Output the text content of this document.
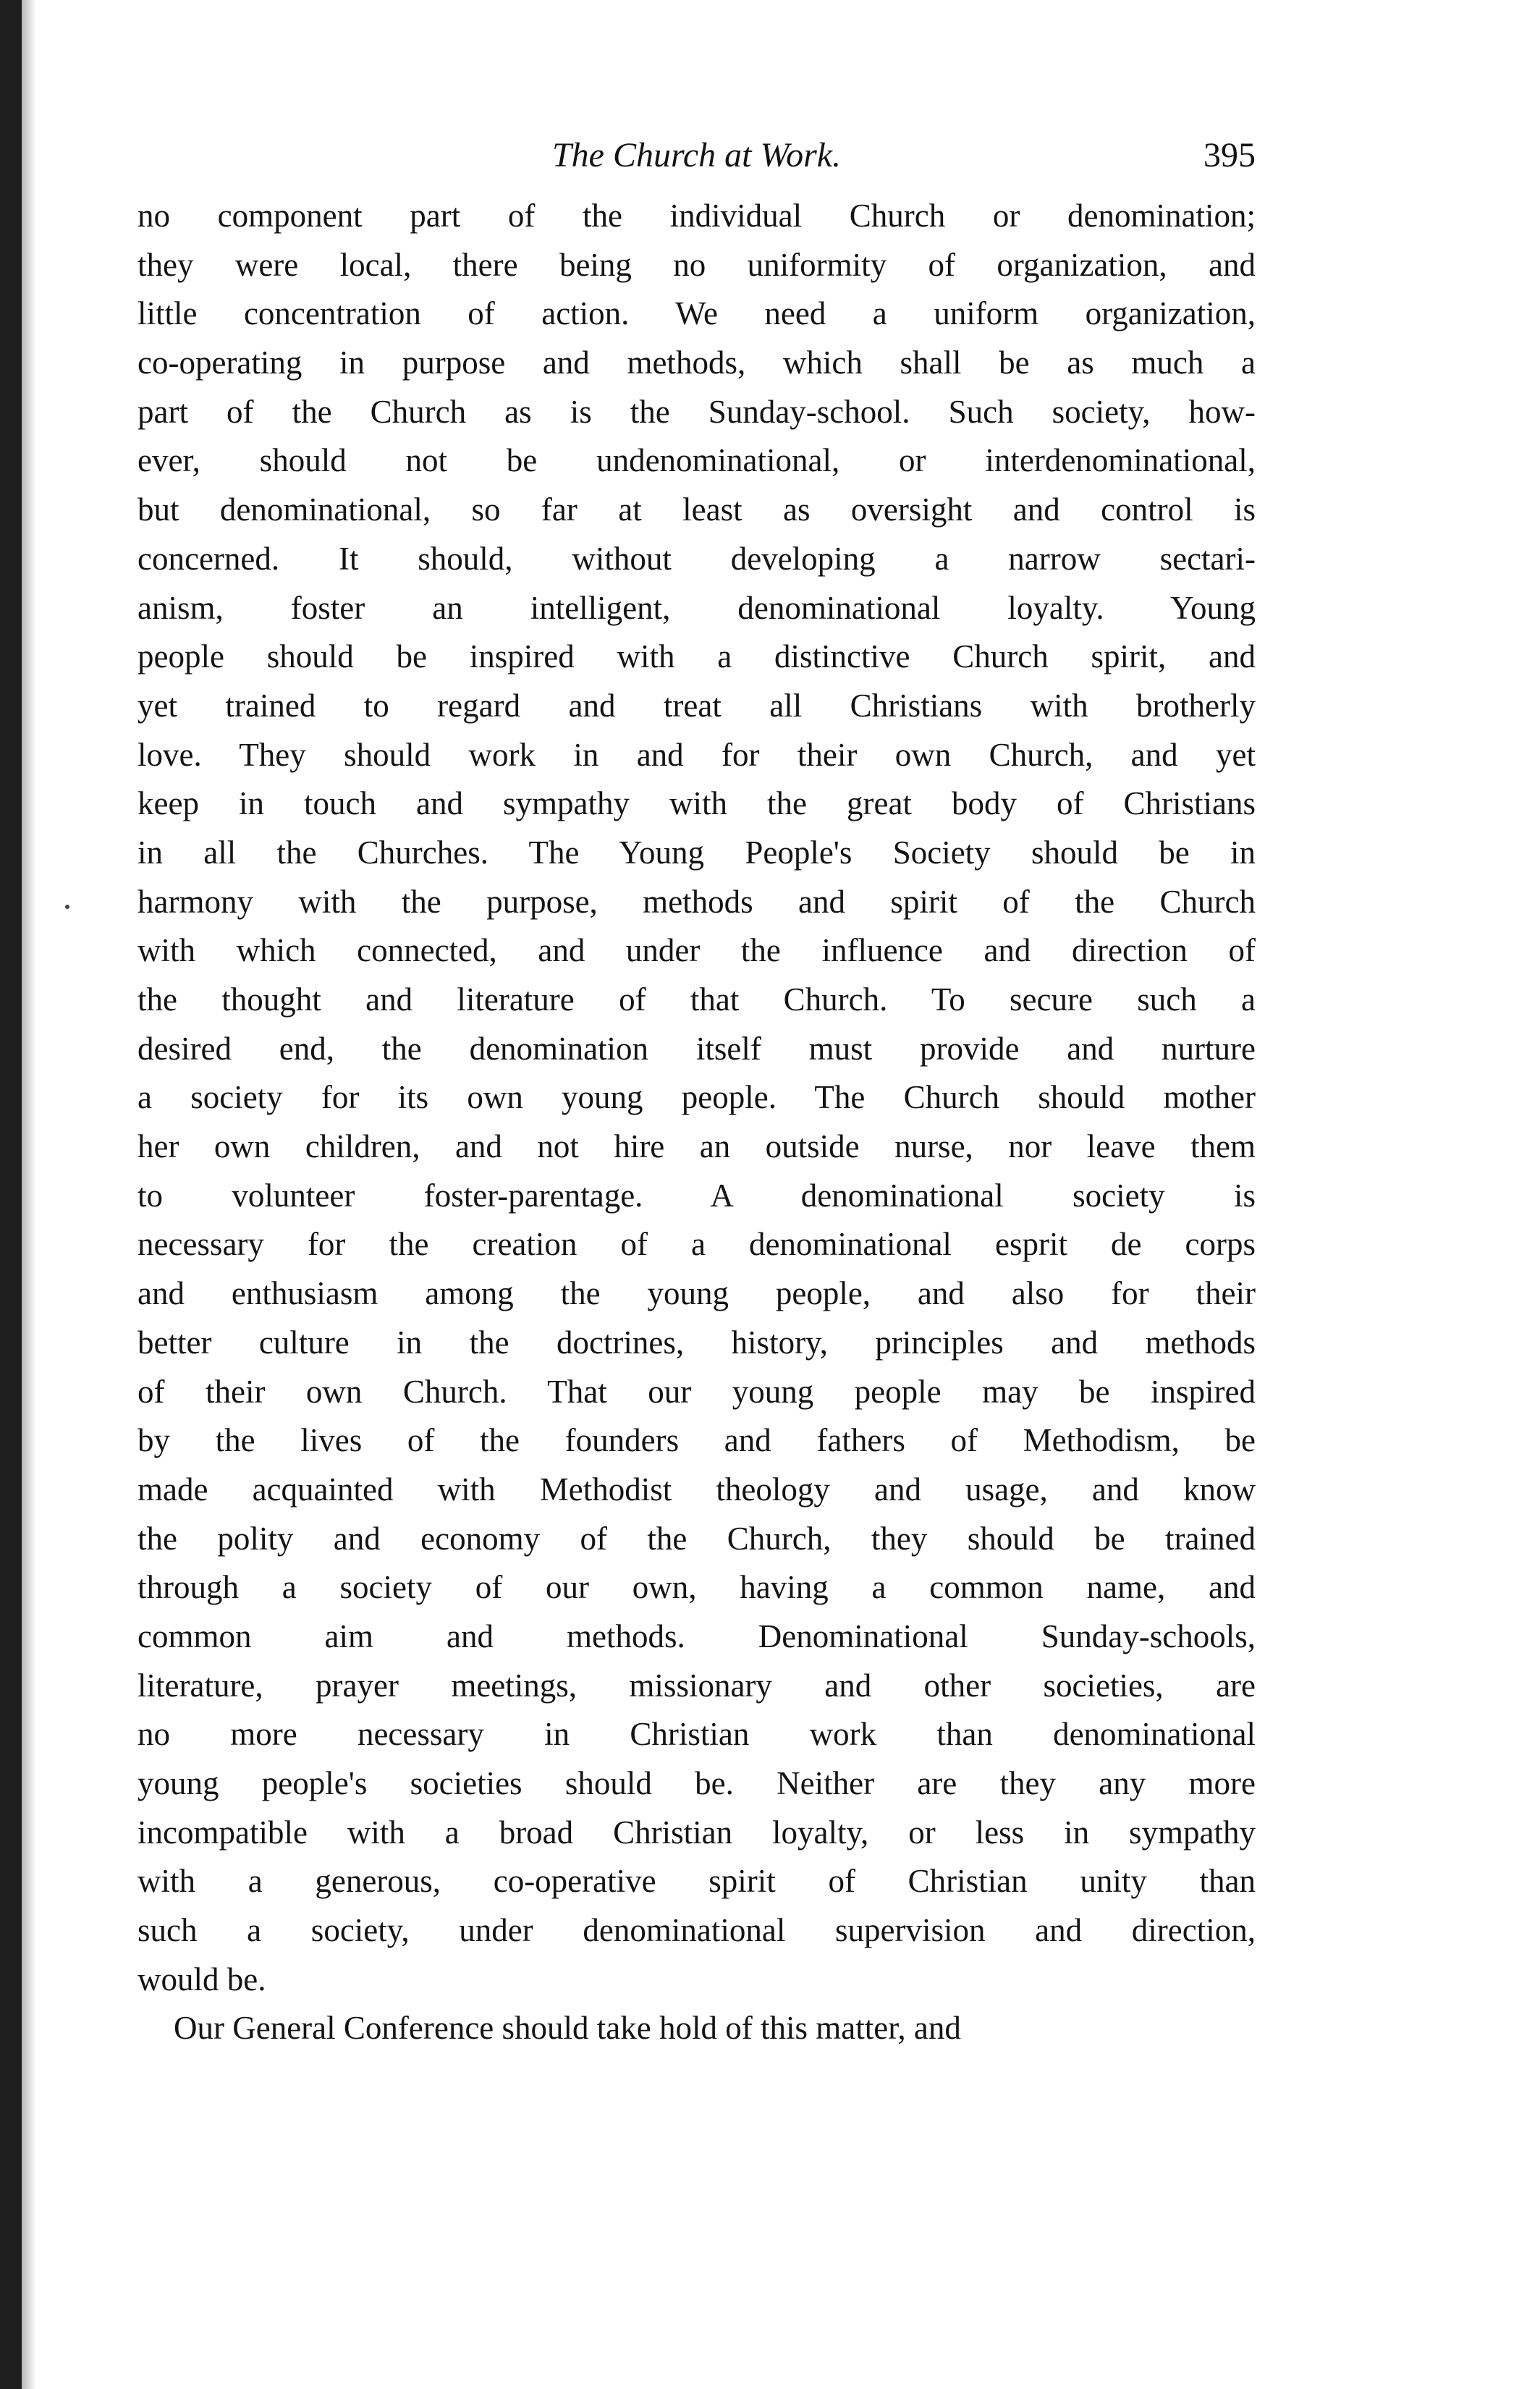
The Church at Work.	395
no component part of the individual Church or denomination;
they were local, there being no uniformity of organization, and
little concentration of action. We need a uniform organization,
co-operating in purpose and methods, which shall be as much a
part of the Church as is the Sunday-school. Such society, how-
ever, should not be undenominational, or interdenominational,
but denominational, so far at least as oversight and control is
concerned. It should, without developing a narrow sectari-
anism, foster an intelligent, denominational loyalty. Young
people should be inspired with a distinctive Church spirit, and
yet trained to regard and treat all Christians with brotherly
love. They should work in and for their own Church, and yet
keep in touch and sympathy with the great body of Christians
in all the Churches. The Young People's Society should be in
harmony with the purpose, methods and spirit of the Church
with which connected, and under the influence and direction of
the thought and literature of that Church. To secure such a
desired end, the denomination itself must provide and nurture
a society for its own young people. The Church should mother
her own children, and not hire an outside nurse, nor leave them
to volunteer foster-parentage. A denominational society is
necessary for the creation of a denominational esprit de corps
and enthusiasm among the young people, and also for their
better culture in the doctrines, history, principles and methods
of their own Church. That our young people may be inspired
by the lives of the founders and fathers of Methodism, be
made acquainted with Methodist theology and usage, and know
the polity and economy of the Church, they should be trained
through a society of our own, having a common name, and
common aim and methods. Denominational Sunday-schools,
literature, prayer meetings, missionary and other societies, are
no more necessary in Christian work than denominational
young people's societies should be. Neither are they any more
incompatible with a broad Christian loyalty, or less in sympathy
with a generous, co-operative spirit of Christian unity than
such a society, under denominational supervision and direction,
would be.
Our General Conference should take hold of this matter, and
